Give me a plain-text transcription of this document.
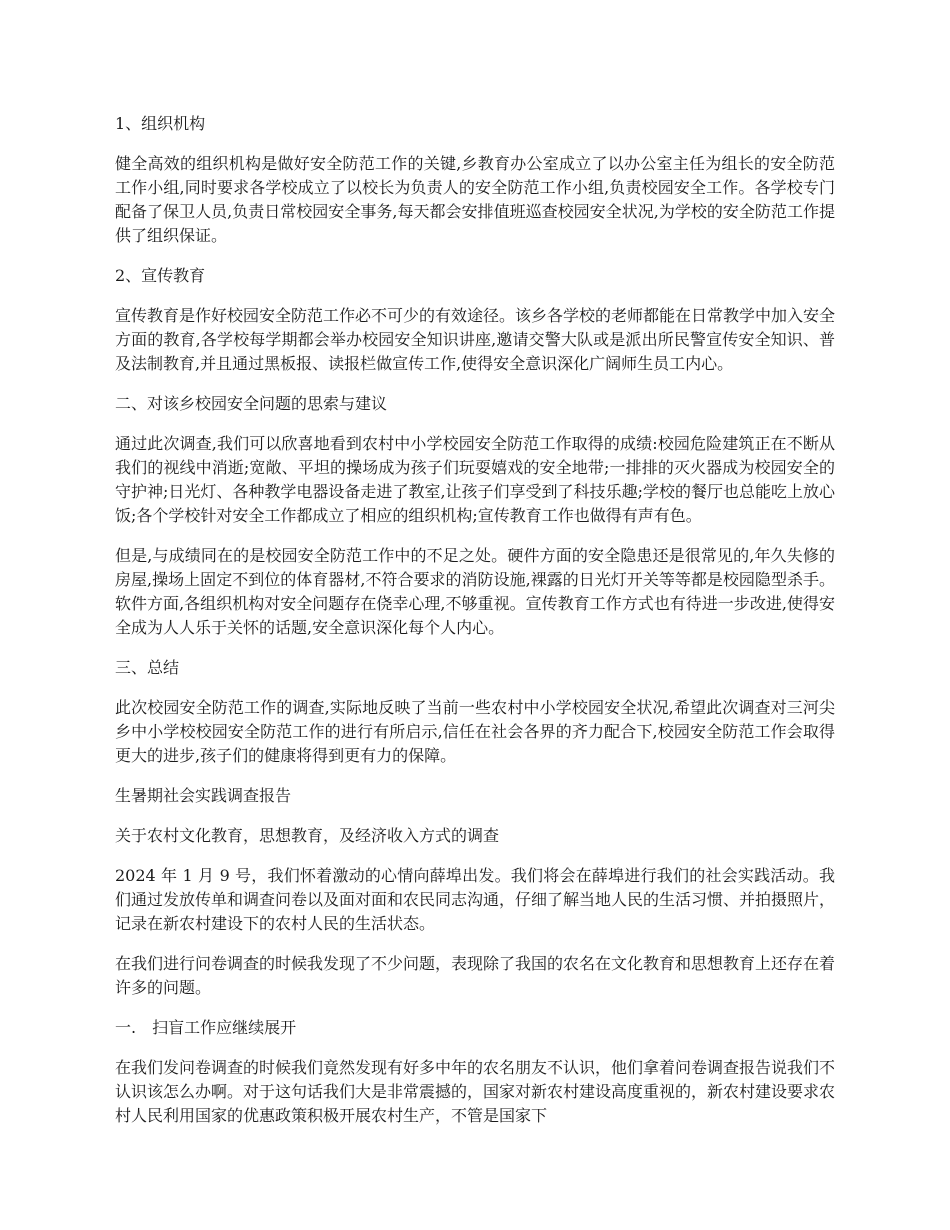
1、组织机构

健全高效的组织机构是做好安全防范工作的关键,乡教育办公室成立了以办公室主任为组长的安全防范工作小组,同时要求各学校成立了以校长为负责人的安全防范工作小组,负责校园安全工作。各学校专门配备了保卫人员,负责日常校园安全事务,每天都会安排值班巡查校园安全状况,为学校的安全防范工作提供了组织保证。

2、宣传教育

宣传教育是作好校园安全防范工作必不可少的有效途径。该乡各学校的老师都能在日常教学中加入安全方面的教育,各学校每学期都会举办校园安全知识讲座,邀请交警大队或是派出所民警宣传安全知识、普及法制教育,并且通过黑板报、读报栏做宣传工作,使得安全意识深化广阔师生员工内心。

二、对该乡校园安全问题的思索与建议

通过此次调查,我们可以欣喜地看到农村中小学校园安全防范工作取得的成绩:校园危险建筑正在不断从我们的视线中消逝;宽敞、平坦的操场成为孩子们玩耍嬉戏的安全地带;一排排的灭火器成为校园安全的守护神;日光灯、各种教学电器设备走进了教室,让孩子们享受到了科技乐趣;学校的餐厅也总能吃上放心饭;各个学校针对安全工作都成立了相应的组织机构;宣传教育工作也做得有声有色。

但是,与成绩同在的是校园安全防范工作中的不足之处。硬件方面的安全隐患还是很常见的,年久失修的房屋,操场上固定不到位的体育器材,不符合要求的消防设施,裸露的日光灯开关等等都是校园隐型杀手。软件方面,各组织机构对安全问题存在侥幸心理,不够重视。宣传教育工作方式也有待进一步改进,使得安全成为人人乐于关怀的话题,安全意识深化每个人内心。

三、总结

此次校园安全防范工作的调查,实际地反映了当前一些农村中小学校园安全状况,希望此次调查对三河尖乡中小学校校园安全防范工作的进行有所启示,信任在社会各界的齐力配合下,校园安全防范工作会取得更大的进步,孩子们的健康将得到更有力的保障。

生暑期社会实践调查报告

关于农村文化教育，思想教育，及经济收入方式的调查

2024 年 1 月 9 号，我们怀着激动的心情向薛埠出发。我们将会在薛埠进行我们的社会实践活动。我们通过发放传单和调查问卷以及面对面和农民同志沟通，仔细了解当地人民的生活习惯、并拍摄照片，记录在新农村建设下的农村人民的生活状态。

在我们进行问卷调查的时候我发现了不少问题，表现除了我国的农名在文化教育和思想教育上还存在着许多的问题。

一.　扫盲工作应继续展开

在我们发问卷调查的时候我们竟然发现有好多中年的农名朋友不认识，他们拿着问卷调查报告说我们不认识该怎么办啊。对于这句话我们大是非常震撼的，国家对新农村建设高度重视的，新农村建设要求农村人民利用国家的优惠政策积极开展农村生产，不管是国家下
